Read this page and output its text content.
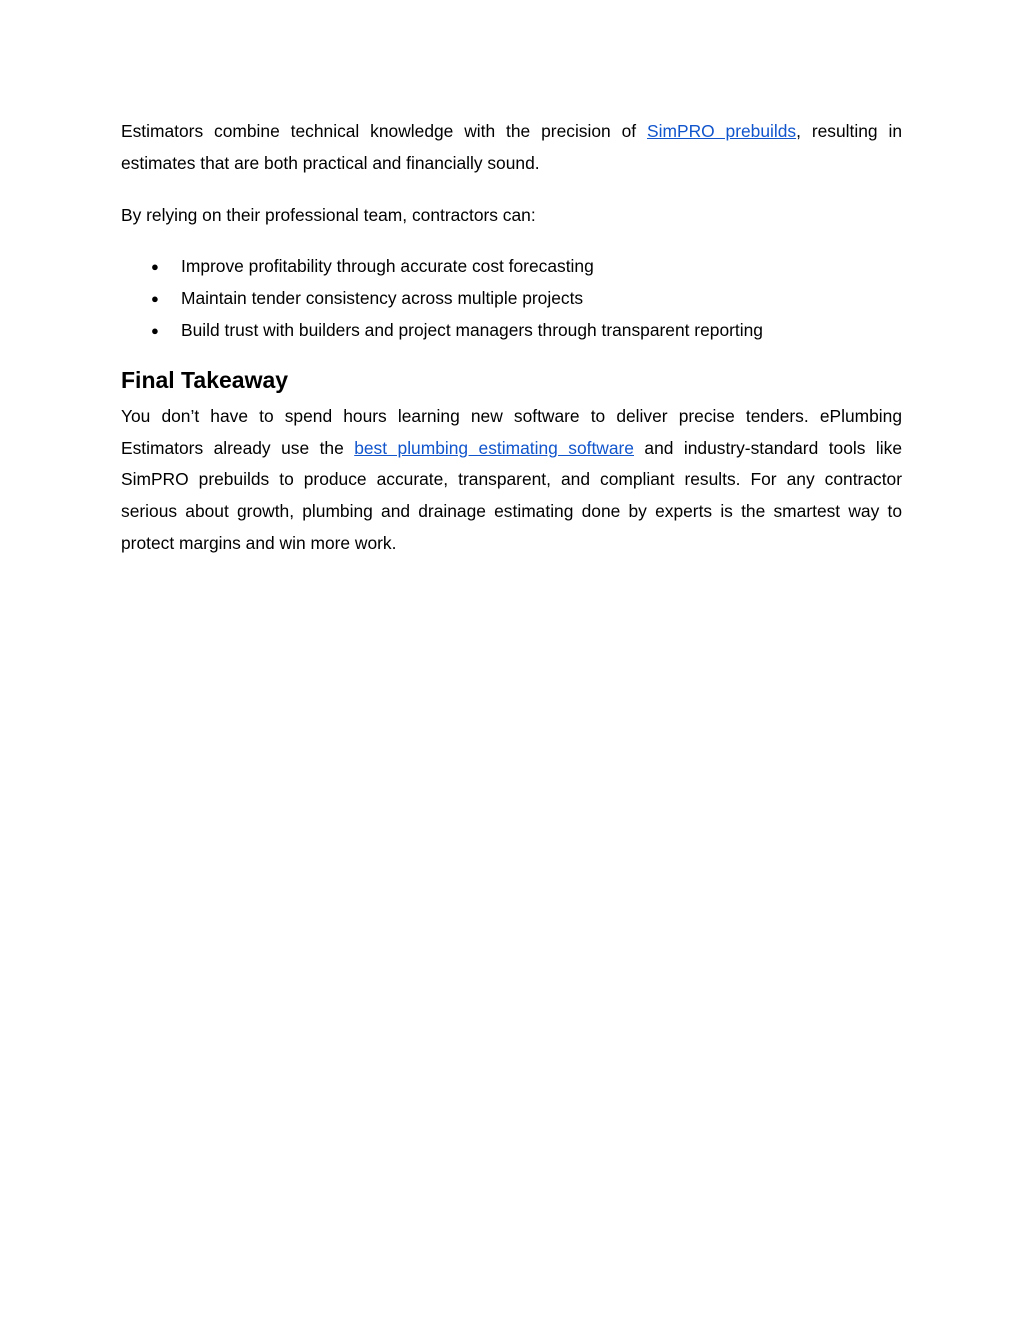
Estimators combine technical knowledge with the precision of SimPRO prebuilds, resulting in estimates that are both practical and financially sound.

By relying on their professional team, contractors can:

● Improve profitability through accurate cost forecasting
● Maintain tender consistency across multiple projects
● Build trust with builders and project managers through transparent reporting
Final Takeaway

You don’t have to spend hours learning new software to deliver precise tenders. ePlumbing Estimators already use the best plumbing estimating software and industry-standard tools like SimPRO prebuilds to produce accurate, transparent, and compliant results. For any contractor serious about growth, plumbing and drainage estimating done by experts is the smartest way to protect margins and win more work.
